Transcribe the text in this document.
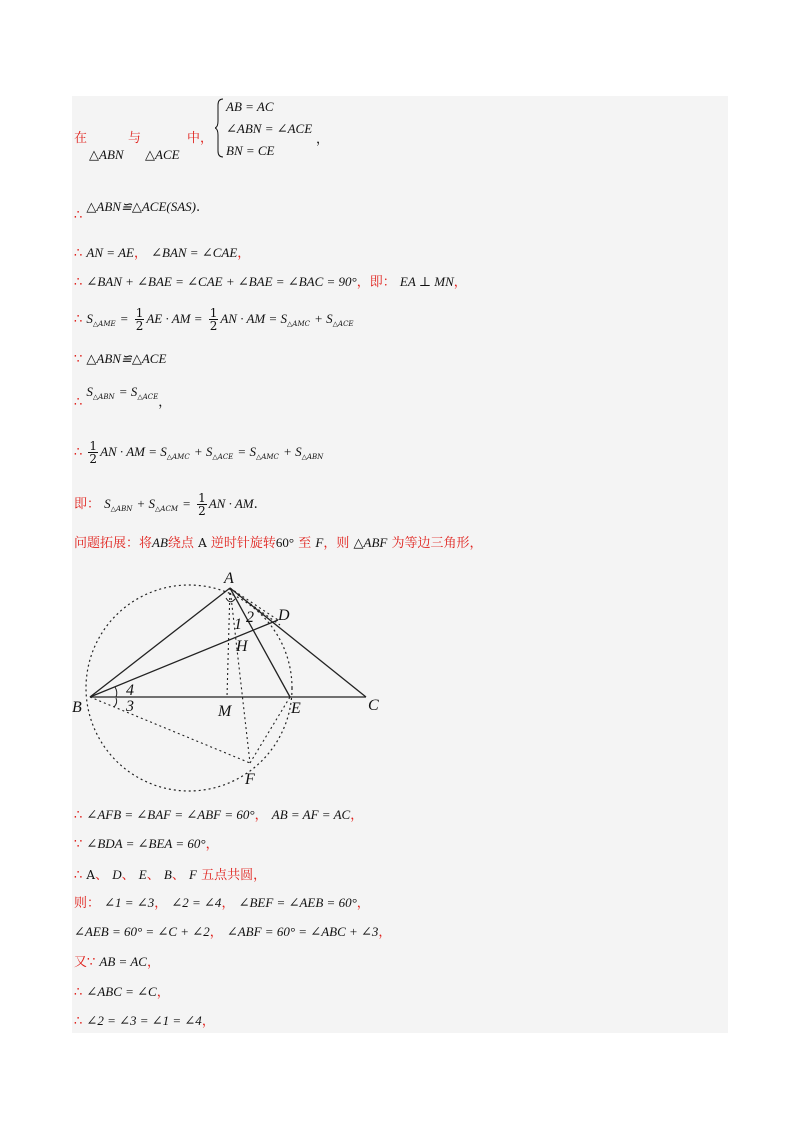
在
△ABN
与
△ACE
中，
AB = AC
∠ABN = ∠ACE
BN = CE
，
∴ △ABN≌△ACE(SAS).
∴ AN = AE， ∠BAN = ∠CAE，
∴ ∠BAN + ∠BAE = ∠CAE + ∠BAE = ∠BAC = 90°，即： EA ⊥ MN，
∴ $S_{\triangle AME} = \frac{1}{2}$ AE · AM = $\frac{1}{2}$ AN · AM = $S_{\triangle AMC} + S_{\triangle ACE}$
∵ △ABN≌△ACE
∴ $S_{\triangle ABN} = S_{\triangle ACE}$，
∴ $\frac{1}{2}$ AN · AM = $S_{\triangle AMC} + S_{\triangle ACE} = S_{\triangle AMC} + S_{\triangle ABN}$
即： $S_{\triangle ABN} + S_{\triangle ACM} = \frac{1}{2}$ AN · AM.
问题拓展：将AB绕点 A 逆时针旋转60° 至 F，则 △ABF 为等边三角形，
A
B	C
D
E
F
H
M
1 2
3
4
∴ ∠AFB = ∠BAF = ∠ABF = 60°， AB = AF = AC，
∵ ∠BDA = ∠BEA = 60°，
∴ A、 D、 E、 B、 F 五点共圆，
则： ∠1 = ∠3， ∠2 = ∠4， ∠BEF = ∠AEB = 60°，
∠AEB = 60° = ∠C + ∠2， ∠ABF = 60° = ∠ABC + ∠3，
又∵ AB = AC，
∴ ∠ABC = ∠C，
∴ ∠2 = ∠3 = ∠1 = ∠4，
